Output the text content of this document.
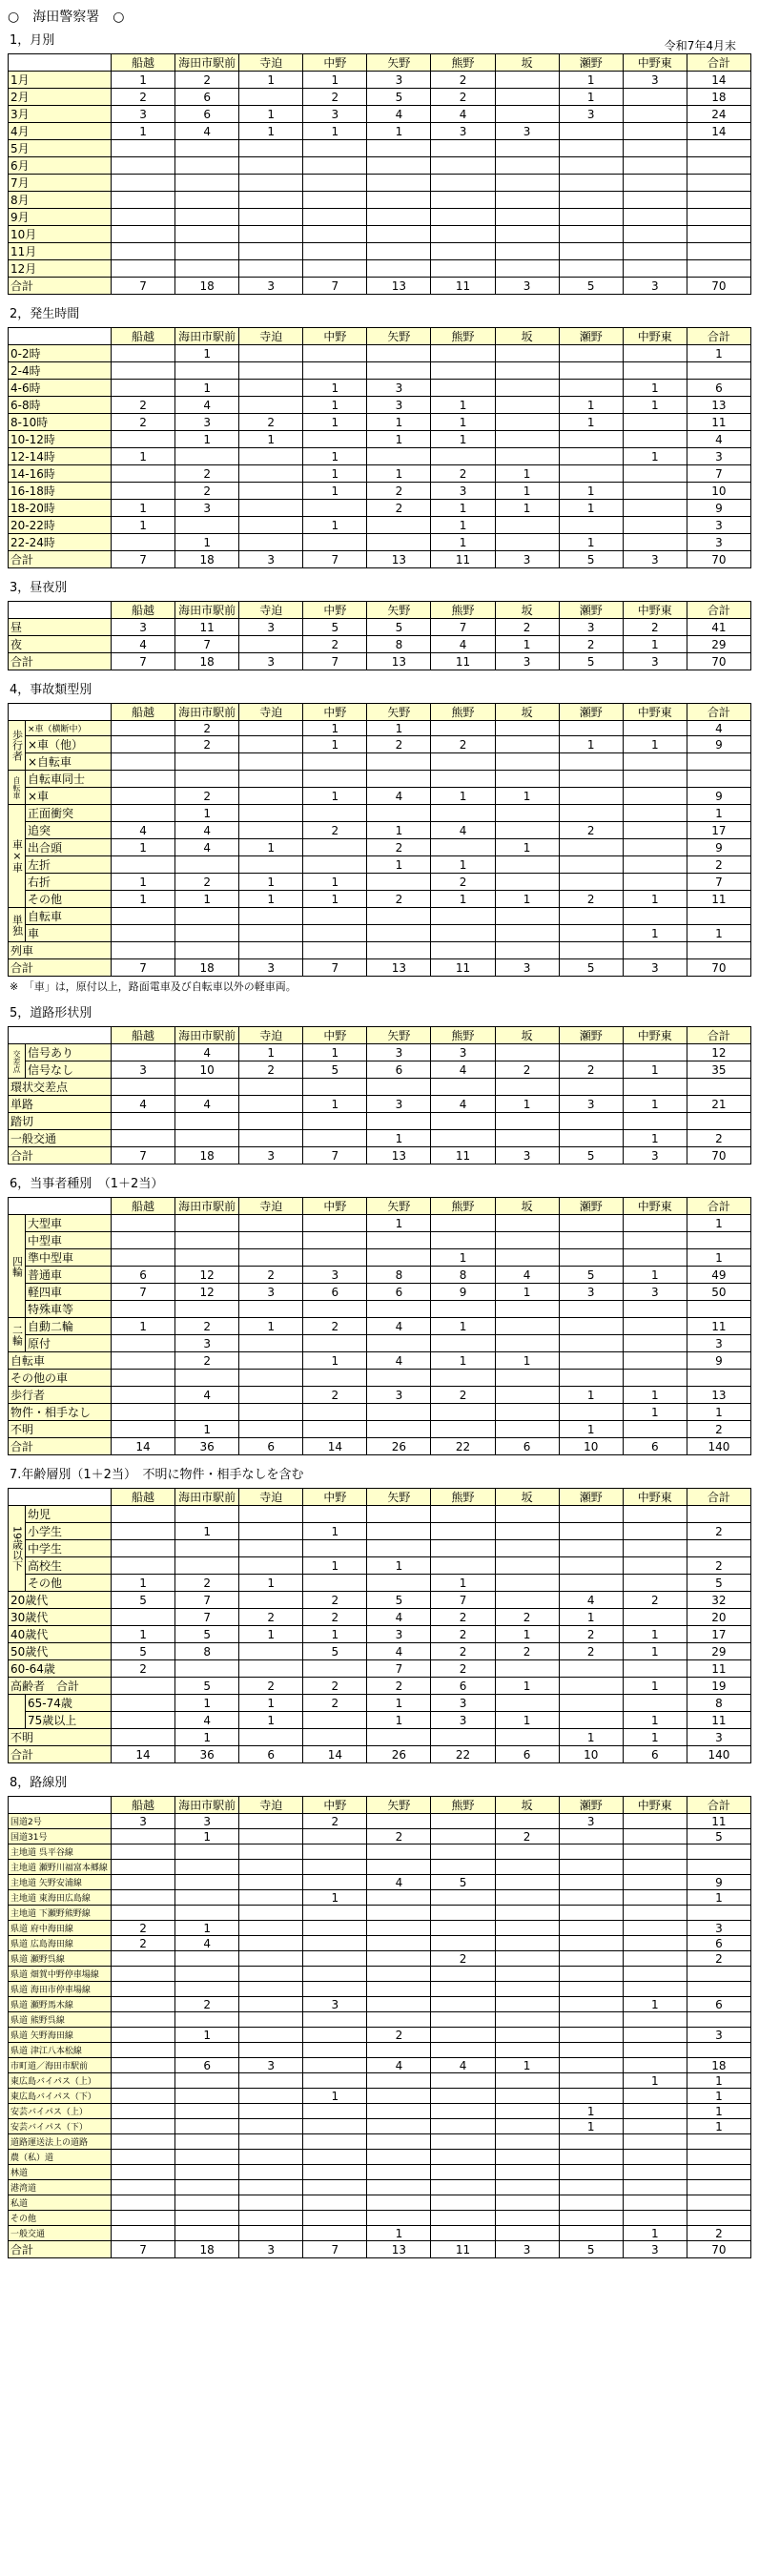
○　海田警察署　○
1，月別	令和7年4月末
	船越	海田市駅前	寺迫	中野	矢野	熊野	坂	瀬野	中野東	合計
1月	1	2	1	1	3	2		1	3	14
2月	2	6		2	5	2		1		18
3月	3	6	1	3	4	4		3		24
4月	1	4	1	1	1	3	3			14
5月										
6月										
7月										
8月										
9月										
10月										
11月										
12月										
合計	7	18	3	7	13	11	3	5	3	70
2，発生時間
	船越	海田市駅前	寺迫	中野	矢野	熊野	坂	瀬野	中野東	合計
0-2時		1								1
2-4時										
4-6時		1		1	3				1	6
6-8時	2	4		1	3	1		1	1	13
8-10時	2	3	2	1	1	1		1		11
10-12時		1	1		1	1				4
12-14時	1			1					1	3
14-16時		2		1	1	2	1			7
16-18時		2		1	2	3	1	1		10
18-20時	1	3			2	1	1	1		9
20-22時	1			1		1				3
22-24時		1				1		1		3
合計	7	18	3	7	13	11	3	5	3	70
3，昼夜別
	船越	海田市駅前	寺迫	中野	矢野	熊野	坂	瀬野	中野東	合計
昼	3	11	3	5	5	7	2	3	2	41
夜	4	7		2	8	4	1	2	1	29
合計	7	18	3	7	13	11	3	5	3	70
4，事故類型別
		船越	海田市駅前	寺迫	中野	矢野	熊野	坂	瀬野	中野東	合計
歩行者	×車（横断中）		2		1	1					4
	×車（他）		2		1	2	2		1	1	9
	×自転車										
自転車	自転車同士										
	×車		2		1	4	1	1			9
車×車	正面衝突		1								1
	追突	4	4		2	1	4		2		17
	出合頭	1	4	1		2		1			9
	左折					1	1				2
	右折	1	2	1	1		2				7
	その他	1	1	1	1	2	1	1	2	1	11
単独	自転車										
	車									1	1
列車											
合計		7	18	3	7	13	11	3	5	3	70
※　「車」は，原付以上，路面電車及び自転車以外の軽車両。
5，道路形状別
		船越	海田市駅前	寺迫	中野	矢野	熊野	坂	瀬野	中野東	合計
交差点	信号あり		4	1	1	3	3				12
	信号なし	3	10	2	5	6	4	2	2	1	35
環状交差点											
単路		4	4		1	3	4	1	3	1	21
踏切											
一般交通						1				1	2
合計		7	18	3	7	13	11	3	5	3	70
6，当事者種別　（1＋2当）
		船越	海田市駅前	寺迫	中野	矢野	熊野	坂	瀬野	中野東	合計
四輪	大型車					1					1
	中型車										
	準中型車						1				1
	普通車	6	12	2	3	8	8	4	5	1	49
	軽四車	7	12	3	6	6	9	1	3	3	50
	特殊車等										
二輪	自動二輪	1	2	1	2	4	1				11
	原付		3								3
自転車			2		1	4	1	1			9
その他の車											
歩行者			4		2	3	2		1	1	13
物件・相手なし										1	1
不明			1						1		2
合計		14	36	6	14	26	22	6	10	6	140
7.年齢層別（1＋2当）　不明に物件・相手なしを含む
		船越	海田市駅前	寺迫	中野	矢野	熊野	坂	瀬野	中野東	合計
19歳以下	幼児										
	小学生		1		1						2
	中学生										
	高校生				1	1					2
	その他	1	2	1			1				5
20歳代		5	7		2	5	7		4	2	32
30歳代			7	2	2	4	2	2	1		20
40歳代		1	5	1	1	3	2	1	2	1	17
50歳代		5	8		5	4	2	2	2	1	29
60-64歳		2				7	2				11
高齢者　合計			5	2	2	2	6	1		1	19
	65-74歳		1	1	2	1	3				8
	75歳以上		4	1		1	3	1		1	11
不明			1						1	1	3
合計		14	36	6	14	26	22	6	10	6	140
8，路線別
	船越	海田市駅前	寺迫	中野	矢野	熊野	坂	瀬野	中野東	合計
国道2号	3	3		2				3		11
国道31号		1			2		2			5
主地道 呉平谷線										
主地道 瀬野川福富本郷線										
主地道 矢野安浦線					4	5				9
主地道 東海田広島線				1						1
主地道 下瀬野熊野線										
県道 府中海田線	2	1								3
県道 広島海田線	2	4								6
県道 瀬野呉線						2				2
県道 畑賀中野停車場線										
県道 海田市停車場線										
県道 瀬野馬木線		2		3					1	6
県道 熊野呉線										
県道 矢野海田線		1			2					3
県道 津江八本松線										
市町道／海田市駅前		6	3		4	4	1			18
東広島バイパス（上）									1	1
東広島バイパス（下）				1						1
安芸バイパス（上）								1		1
安芸バイパス（下）								1		1
道路運送法上の道路										
農（私）道										
林道										
港湾道										
私道										
その他										
一般交通					1				1	2
合計	7	18	3	7	13	11	3	5	3	70
